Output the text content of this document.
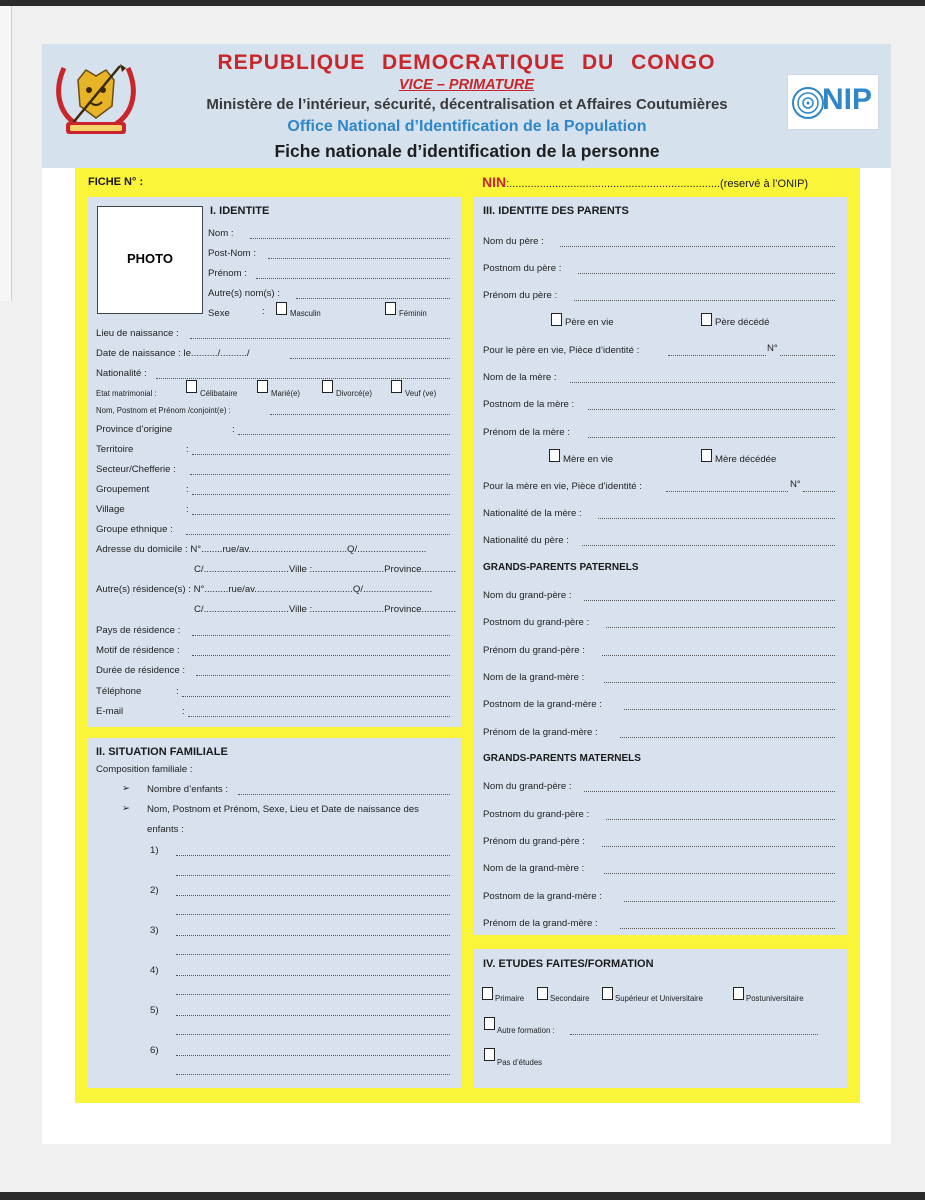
REPUBLIQUE DEMOCRATIQUE DU CONGO
VICE – PRIMATURE
Ministère de l’intérieur, sécurité, décentralisation et Affaires Coutumières
Office National d’Identification de la Population
Fiche nationale d’identification de la personne
NIP
FICHE N° :	NIN:.....................................................................(reservé à l’ONIP)
PHOTO
I. IDENTITE
Nom :
Post-Nom :
Prénom :
Autre(s) nom(s) :
Sexe	:	Masculin	Féminin
Lieu de naissance :
Date de naissance : le........../........../
Nationalité :
Etat matrimonial :	Célibataire	Marié(e)	Divorcé(e)	Veuf (ve)
Nom, Postnom et Prénom /conjoint(e) :
Province d’origine	:
Territoire	:
Secteur/Chefferie :
Groupement	:
Village	:
Groupe ethnique :
Adresse du domicile : N°........rue/av.....................................Q/..........................
C/................................Ville :...........................Province.............
Autre(s) résidence(s) : N°.........rue/av.....................................Q/..........................
C/................................Ville :...........................Province.............
Pays de résidence :
Motif de résidence :
Durée de résidence :
Téléphone	:
E-mail	:
II. SITUATION FAMILIALE
Composition familiale :
➢ Nombre d’enfants :
➢ Nom, Postnom et Prénom, Sexe, Lieu et Date de naissance des
enfants :
1)
2)
3)
4)
5)
6)
III. IDENTITE DES PARENTS
Nom du père :
Postnom du père :
Prénom du père :
Père en vie	Père décédé
Pour le père en vie, Pièce d’identité :	N°
Nom de la mère :
Postnom de la mère :
Prénom de la mère :
Mère en vie	Mère décédée
Pour la mère en vie, Pièce d’identité :	N°
Nationalité de la mère :
Nationalité du père :
GRANDS-PARENTS PATERNELS
Nom du grand-père :
Postnom du grand-père :
Prénom du grand-père :
Nom de la grand-mère :
Postnom de la grand-mère :
Prénom de la grand-mère :
GRANDS-PARENTS MATERNELS
Nom du grand-père :
Postnom du grand-père :
Prénom du grand-père :
Nom de la grand-mère :
Postnom de la grand-mère :
Prénom de la grand-mère :
IV. ETUDES FAITES/FORMATION
Primaire	Secondaire	Supérieur et Universitaire	Postuniversitaire
Autre formation :
Pas d’études
